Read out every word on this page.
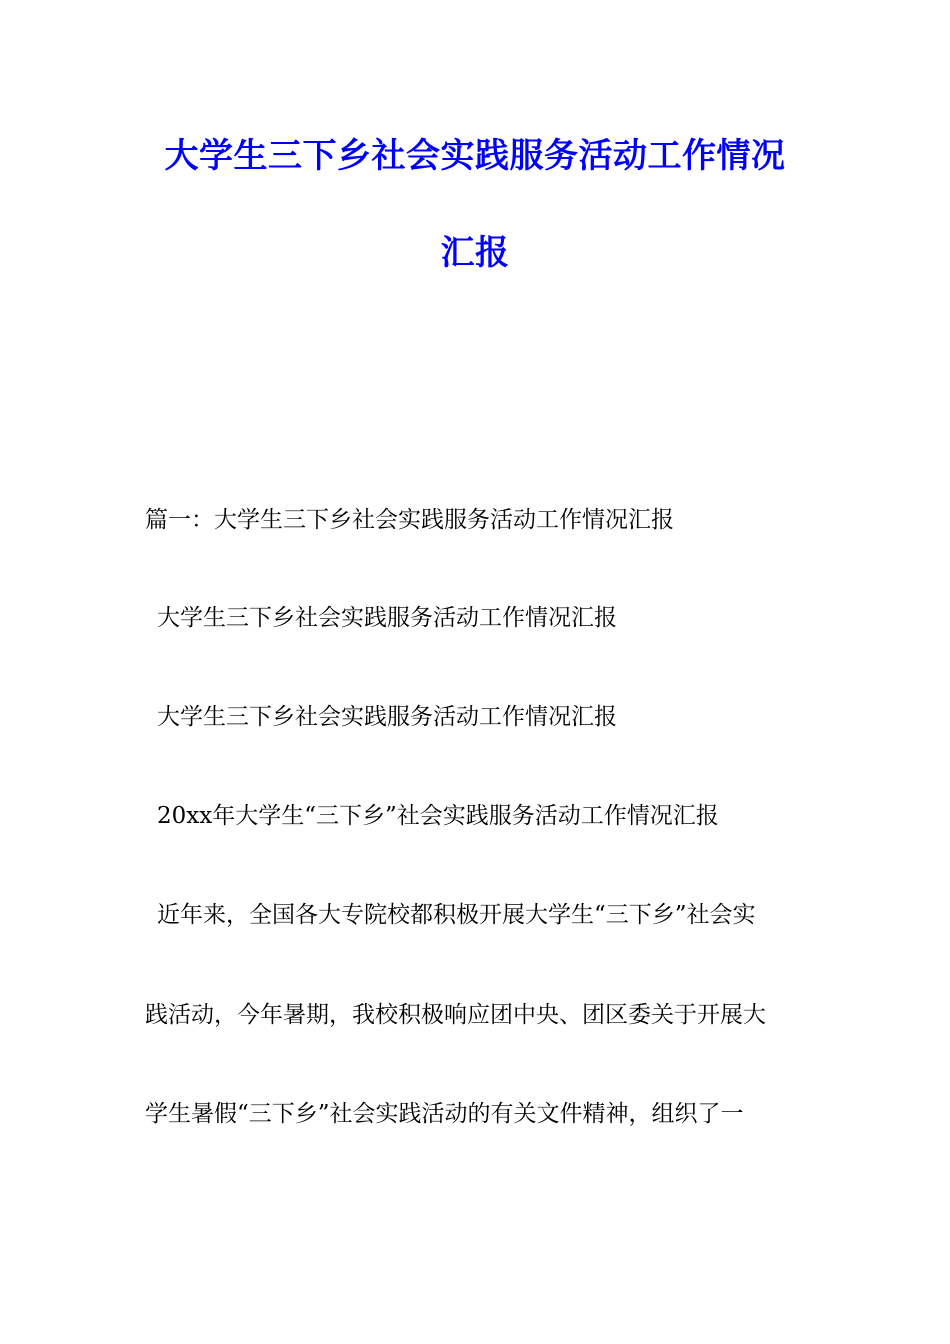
大学生三下乡社会实践服务活动工作情况
汇报
篇一：大学生三下乡社会实践服务活动工作情况汇报
大学生三下乡社会实践服务活动工作情况汇报
大学生三下乡社会实践服务活动工作情况汇报
20xx年大学生“三下乡”社会实践服务活动工作情况汇报
近年来，全国各大专院校都积极开展大学生“三下乡”社会实
践活动，今年暑期，我校积极响应团中央、团区委关于开展大
学生暑假“三下乡”社会实践活动的有关文件精神，组织了一
